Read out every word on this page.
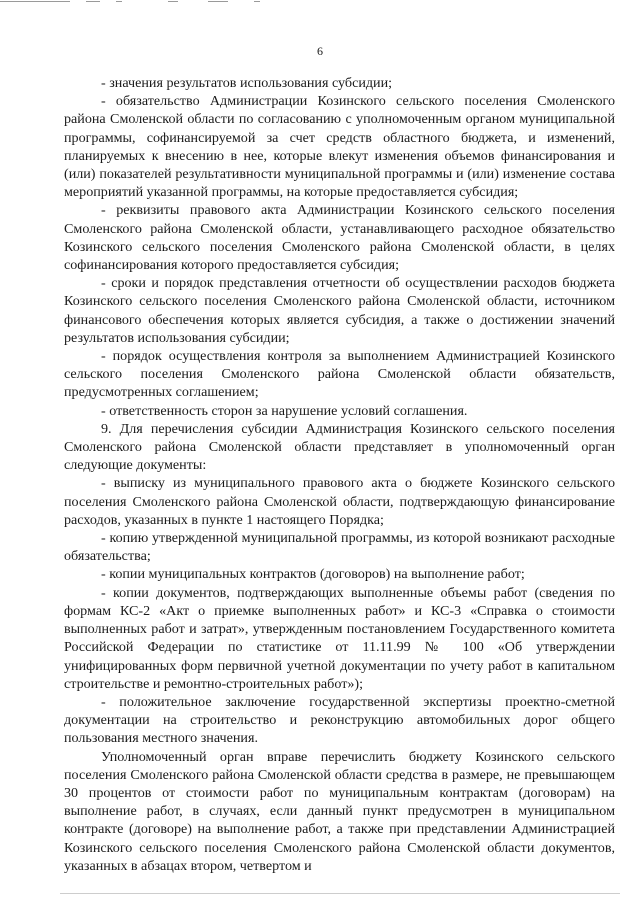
6

- значения результатов использования субсидии;

- обязательство Администрации Козинского сельского поселения Смоленского района Смоленской области по согласованию с уполномоченным органом муниципальной программы, софинансируемой за счет средств областного бюджета, и изменений, планируемых к внесению в нее, которые влекут изменения объемов финансирования и (или) показателей результативности муниципальной программы и (или) изменение состава мероприятий указанной программы, на которые предоставляется субсидия;

- реквизиты правового акта Администрации Козинского сельского поселения Смоленского района Смоленской области, устанавливающего расходное обязательство Козинского сельского поселения Смоленского района Смоленской области, в целях софинансирования которого предоставляется субсидия;

- сроки и порядок представления отчетности об осуществлении расходов бюджета Козинского сельского поселения Смоленского района Смоленской области, источником финансового обеспечения которых является субсидия, а также о достижении значений результатов использования субсидии;

- порядок осуществления контроля за выполнением Администрацией Козинского сельского поселения Смоленского района Смоленской области обязательств, предусмотренных соглашением;

- ответственность сторон за нарушение условий соглашения.

9. Для перечисления субсидии Администрация Козинского сельского поселения Смоленского района Смоленской области представляет в уполномоченный орган следующие документы:

- выписку из муниципального правового акта о бюджете Козинского сельского поселения Смоленского района Смоленской области, подтверждающую финансирование расходов, указанных в пункте 1 настоящего Порядка;

- копию утвержденной муниципальной программы, из которой возникают расходные обязательства;

- копии муниципальных контрактов (договоров) на выполнение работ;

- копии документов, подтверждающих выполненные объемы работ (сведения по формам КС-2 «Акт о приемке выполненных работ» и КС-3 «Справка о стоимости выполненных работ и затрат», утвержденным постановлением Государственного комитета Российской Федерации по статистике от 11.11.99 № 100 «Об утверждении унифицированных форм первичной учетной документации по учету работ в капитальном строительстве и ремонтно-строительных работ»);

- положительное заключение государственной экспертизы проектно-сметной документации на строительство и реконструкцию автомобильных дорог общего пользования местного значения.

Уполномоченный орган вправе перечислить бюджету Козинского сельского поселения Смоленского района Смоленской области средства в размере, не превышающем 30 процентов от стоимости работ по муниципальным контрактам (договорам) на выполнение работ, в случаях, если данный пункт предусмотрен в муниципальном контракте (договоре) на выполнение работ, а также при представлении Администрацией Козинского сельского поселения Смоленского района Смоленской области документов, указанных в абзацах втором, четвертом и
